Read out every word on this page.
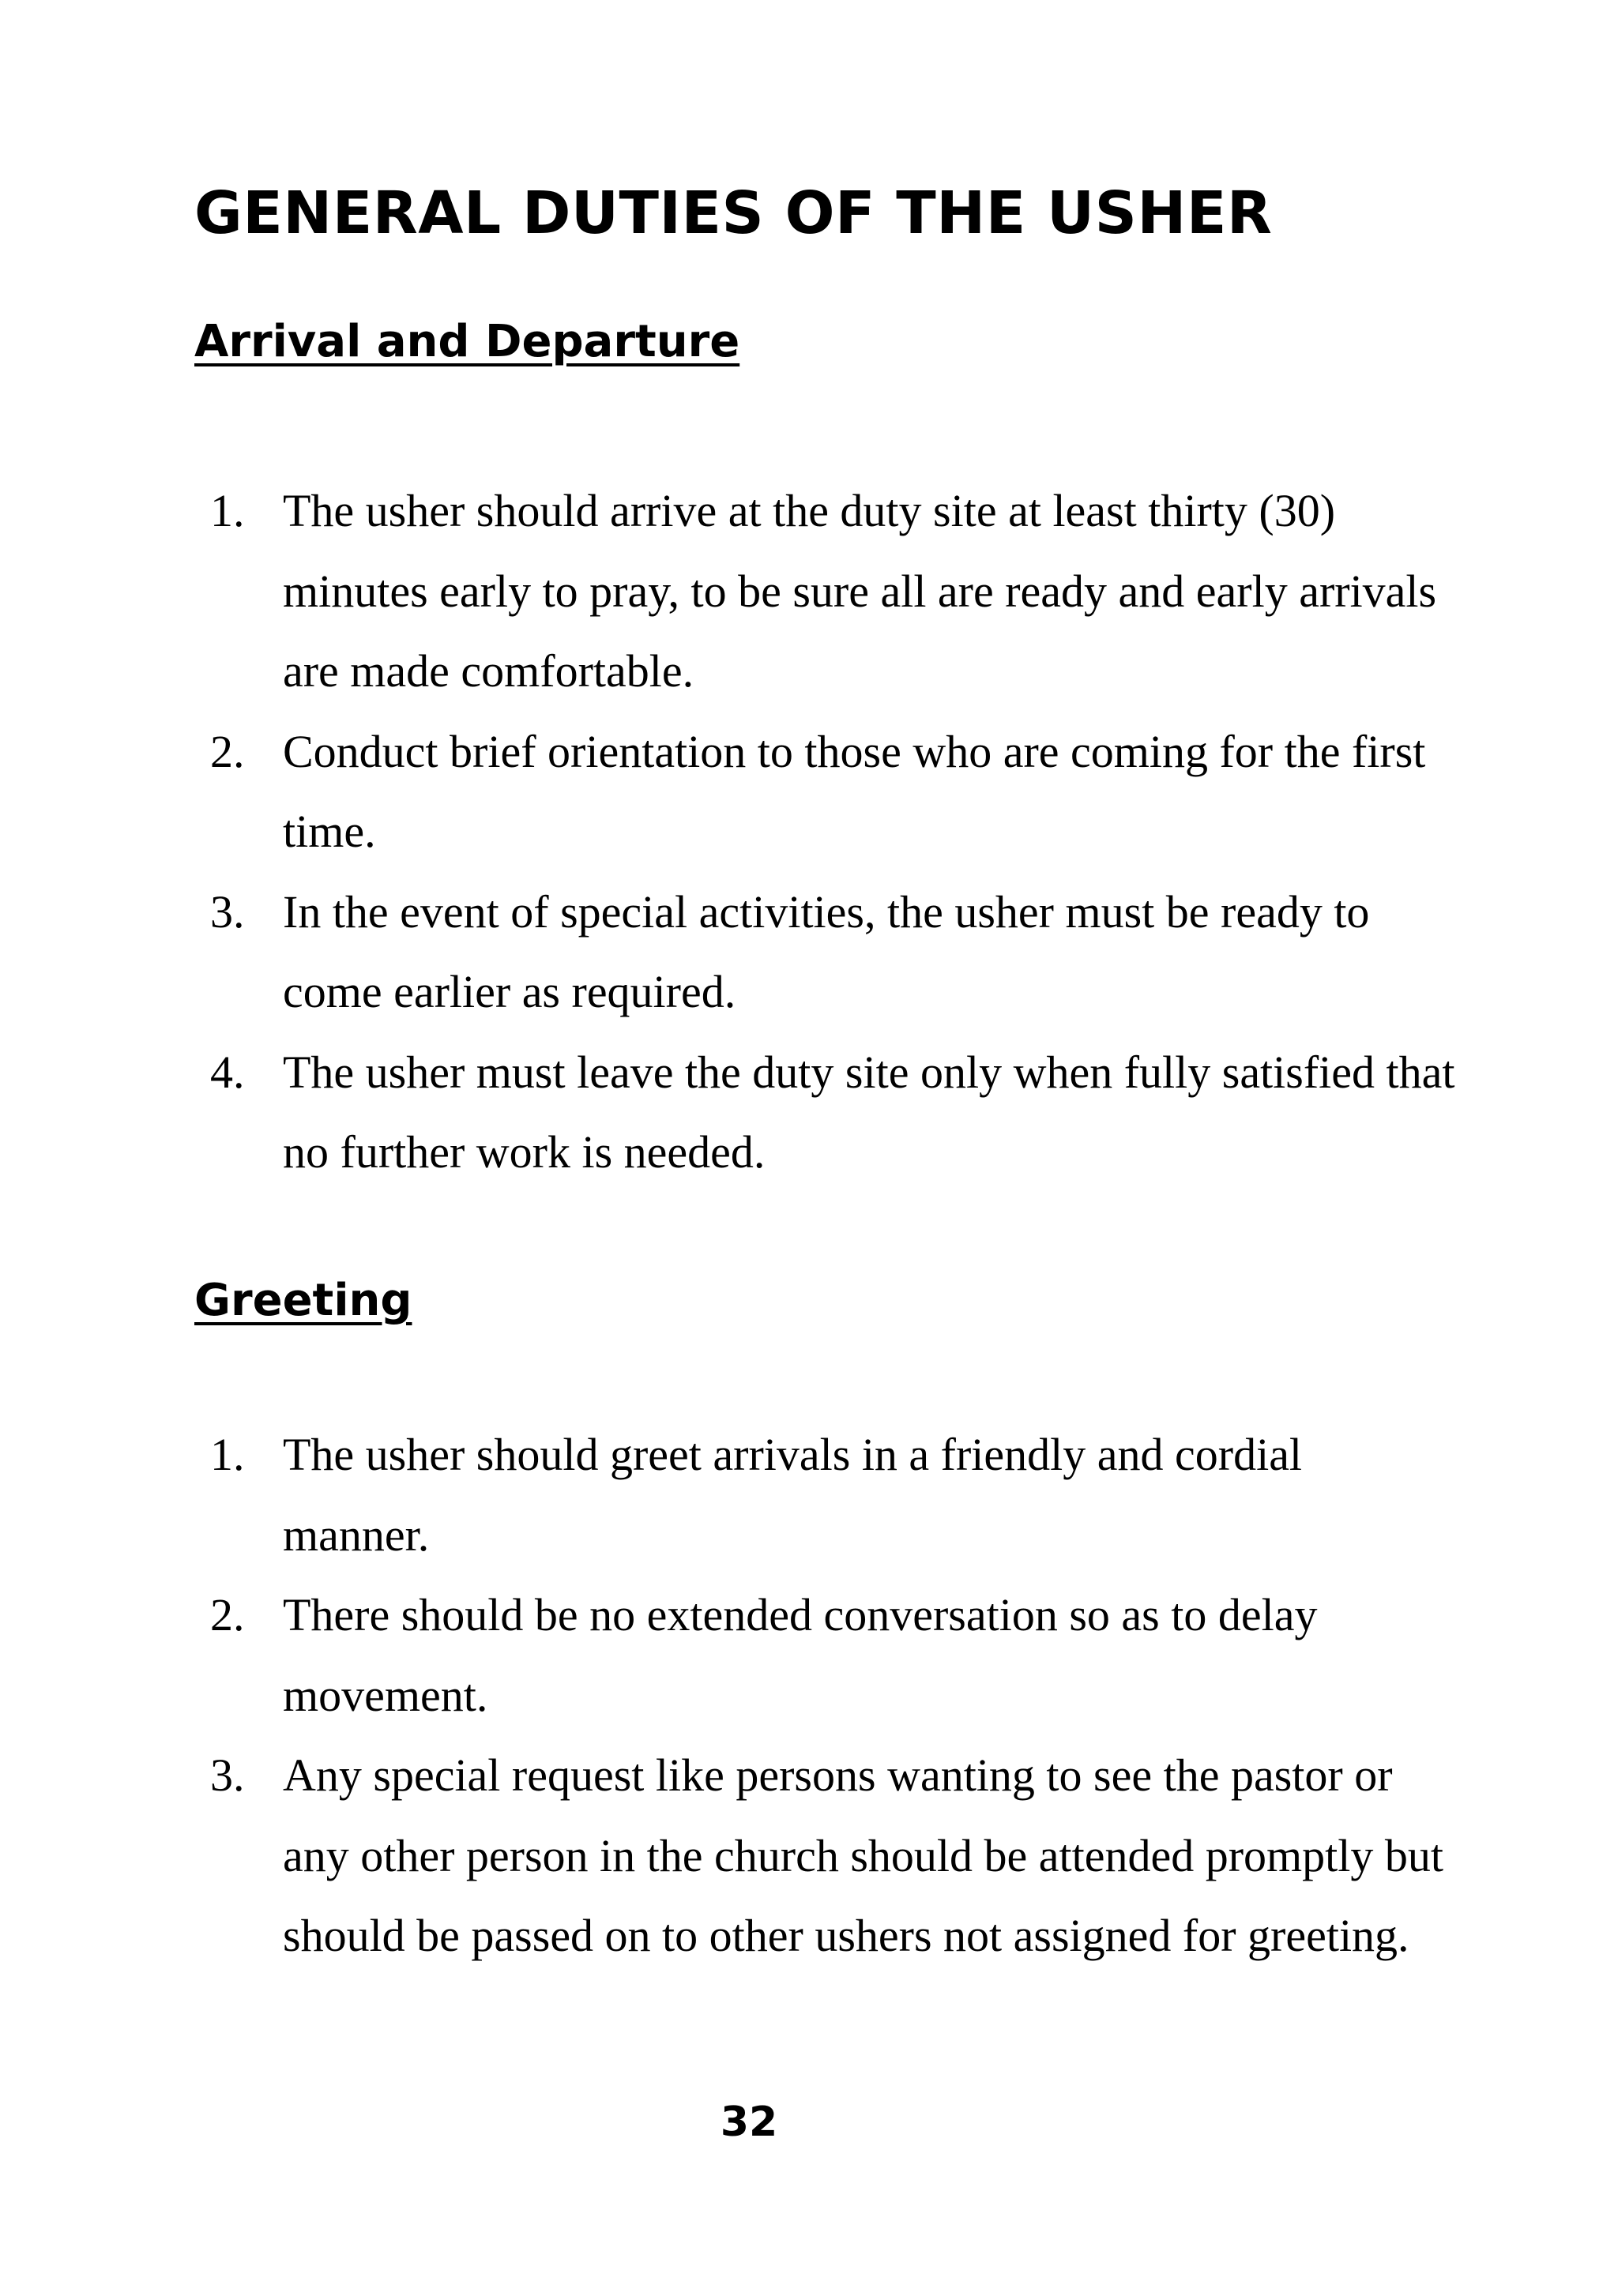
GENERAL DUTIES OF THE USHER
Arrival and Departure
1. The usher should arrive at the duty site at least thirty (30) minutes early to pray, to be sure all are ready and early arrivals are made comfortable.
2. Conduct brief orientation to those who are coming for the first time.
3. In the event of special activities, the usher must be ready to come earlier as required.
4. The usher must leave the duty site only when fully satisfied that no further work is needed.
Greeting
1. The usher should greet arrivals in a friendly and cordial manner.
2. There should be no extended conversation so as to delay movement.
3. Any special request like persons wanting to see the pastor or any other person in the church should be attended promptly but should be passed on to other ushers not assigned for greeting.
32
